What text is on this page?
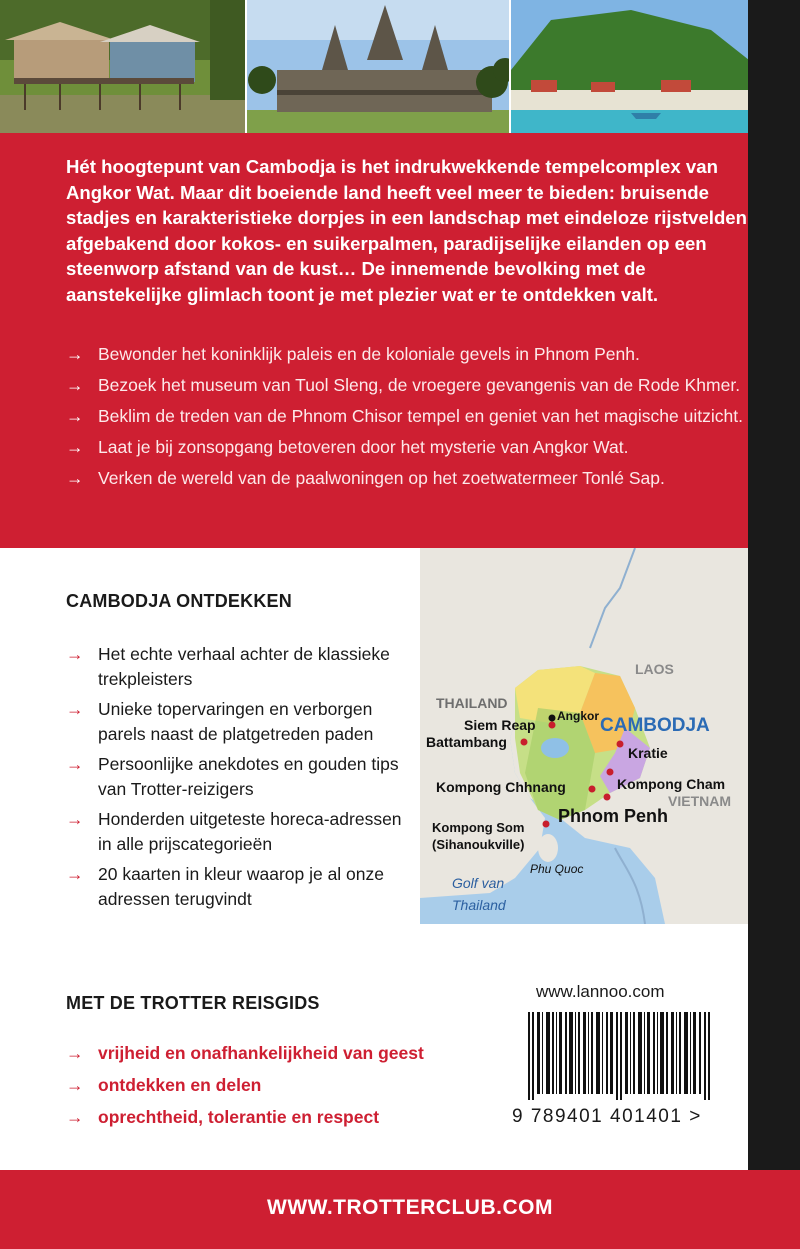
Hét hoogtepunt van Cambodja is het indrukwekkende tempelcomplex van Angkor Wat. Maar dit boeiende land heeft veel meer te bieden: bruisende stadjes en karakteristieke dorpjes in een landschap met eindeloze rijstvelden afgebakend door kokos- en suikerpalmen, paradijselijke eilanden op een steenworp afstand van de kust… De innemende bevolking met de aanstekelijke glimlach toont je met plezier wat er te ontdekken valt.

→ Bewonder het koninklijk paleis en de koloniale gevels in Phnom Penh.
→ Bezoek het museum van Tuol Sleng, de vroegere gevangenis van de Rode Khmer.
→ Beklim de treden van de Phnom Chisor tempel en geniet van het magische uitzicht.
→ Laat je bij zonsopgang betoveren door het mysterie van Angkor Wat.
→ Verken de wereld van de paalwoningen op het zoetwatermeer Tonlé Sap.
CAMBODJA ONTDEKKEN
→ Het echte verhaal achter de klassieke trekpleisters
→ Unieke topervaringen en verborgen parels naast de platgetreden paden
→ Persoonlijke anekdotes en gouden tips van Trotter-reizigers
→ Honderden uitgeteste horeca-adressen in alle prijscategorieën
→ 20 kaarten in kleur waarop je al onze adressen terugvindt
LAOS
THAILAND
CAMBODJA
VIETNAM
Angkor
Siem Reap
Battambang
Kratie
Kompong Chhnang	Kompong Cham
Phnom Penh
Kompong Som
(Sihanoukville)
Phu Quoc
Golf van
Thailand
MET DE TROTTER REISGIDS
→ vrijheid en onafhankelijkheid van geest
→ ontdekken en delen
→ oprechtheid, tolerantie en respect
www.lannoo.com
9 789401 401401 >
WWW.TROTTERCLUB.COM
